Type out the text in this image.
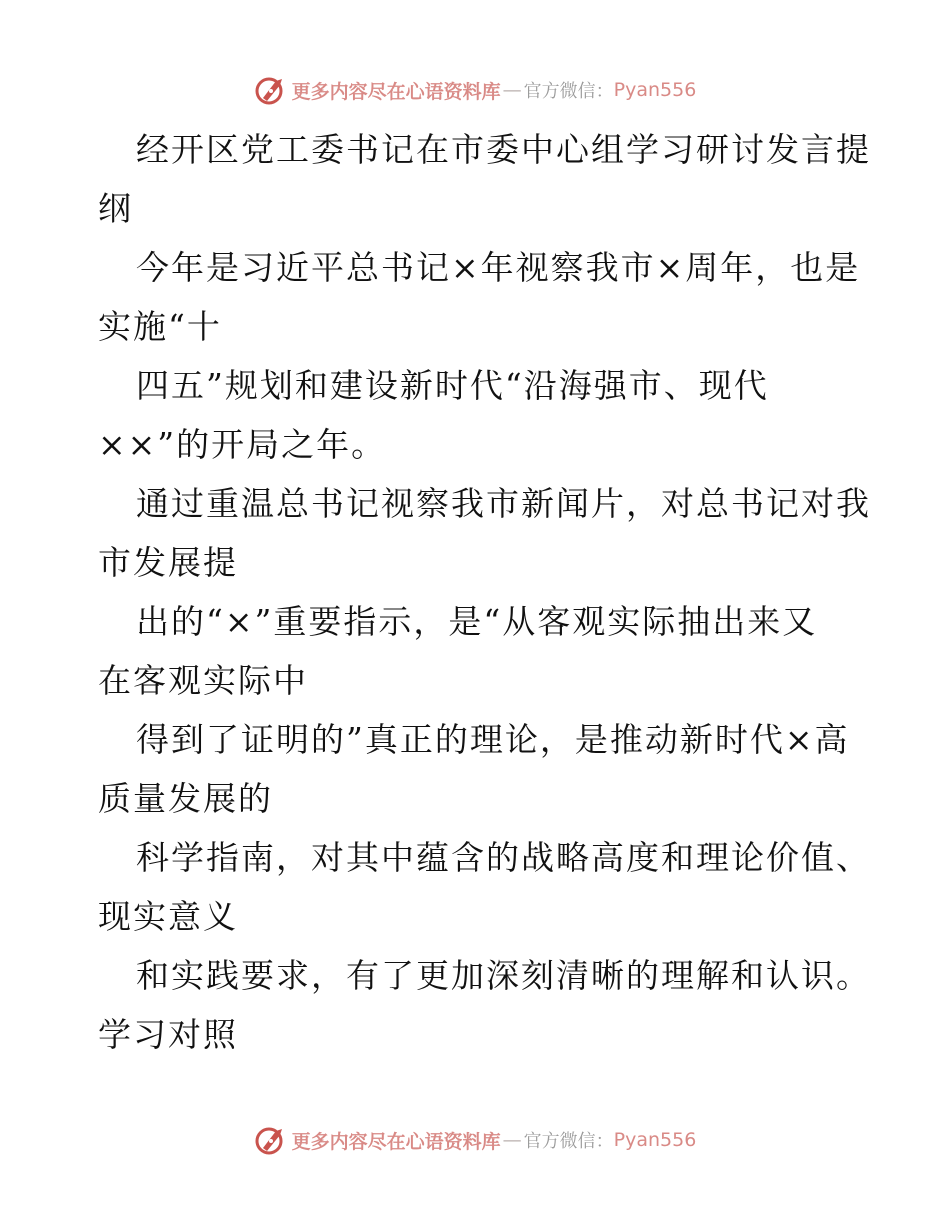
更多内容尽在心语资料库 — 官方微信： Pyan556
经开区党工委书记在市委中心组学习研讨发言提
纲
今年是习近平总书记×年视察我市×周年，也是
实施“十
四五”规划和建设新时代“沿海强市、现代
××”的开局之年。
通过重温总书记视察我市新闻片，对总书记对我
市发展提
出的“×”重要指示，是“从客观实际抽出来又
在客观实际中
得到了证明的”真正的理论，是推动新时代×高
质量发展的
科学指南，对其中蕴含的战略高度和理论价值、
现实意义
和实践要求，有了更加深刻清晰的理解和认识。
学习对照
更多内容尽在心语资料库 — 官方微信： Pyan556
